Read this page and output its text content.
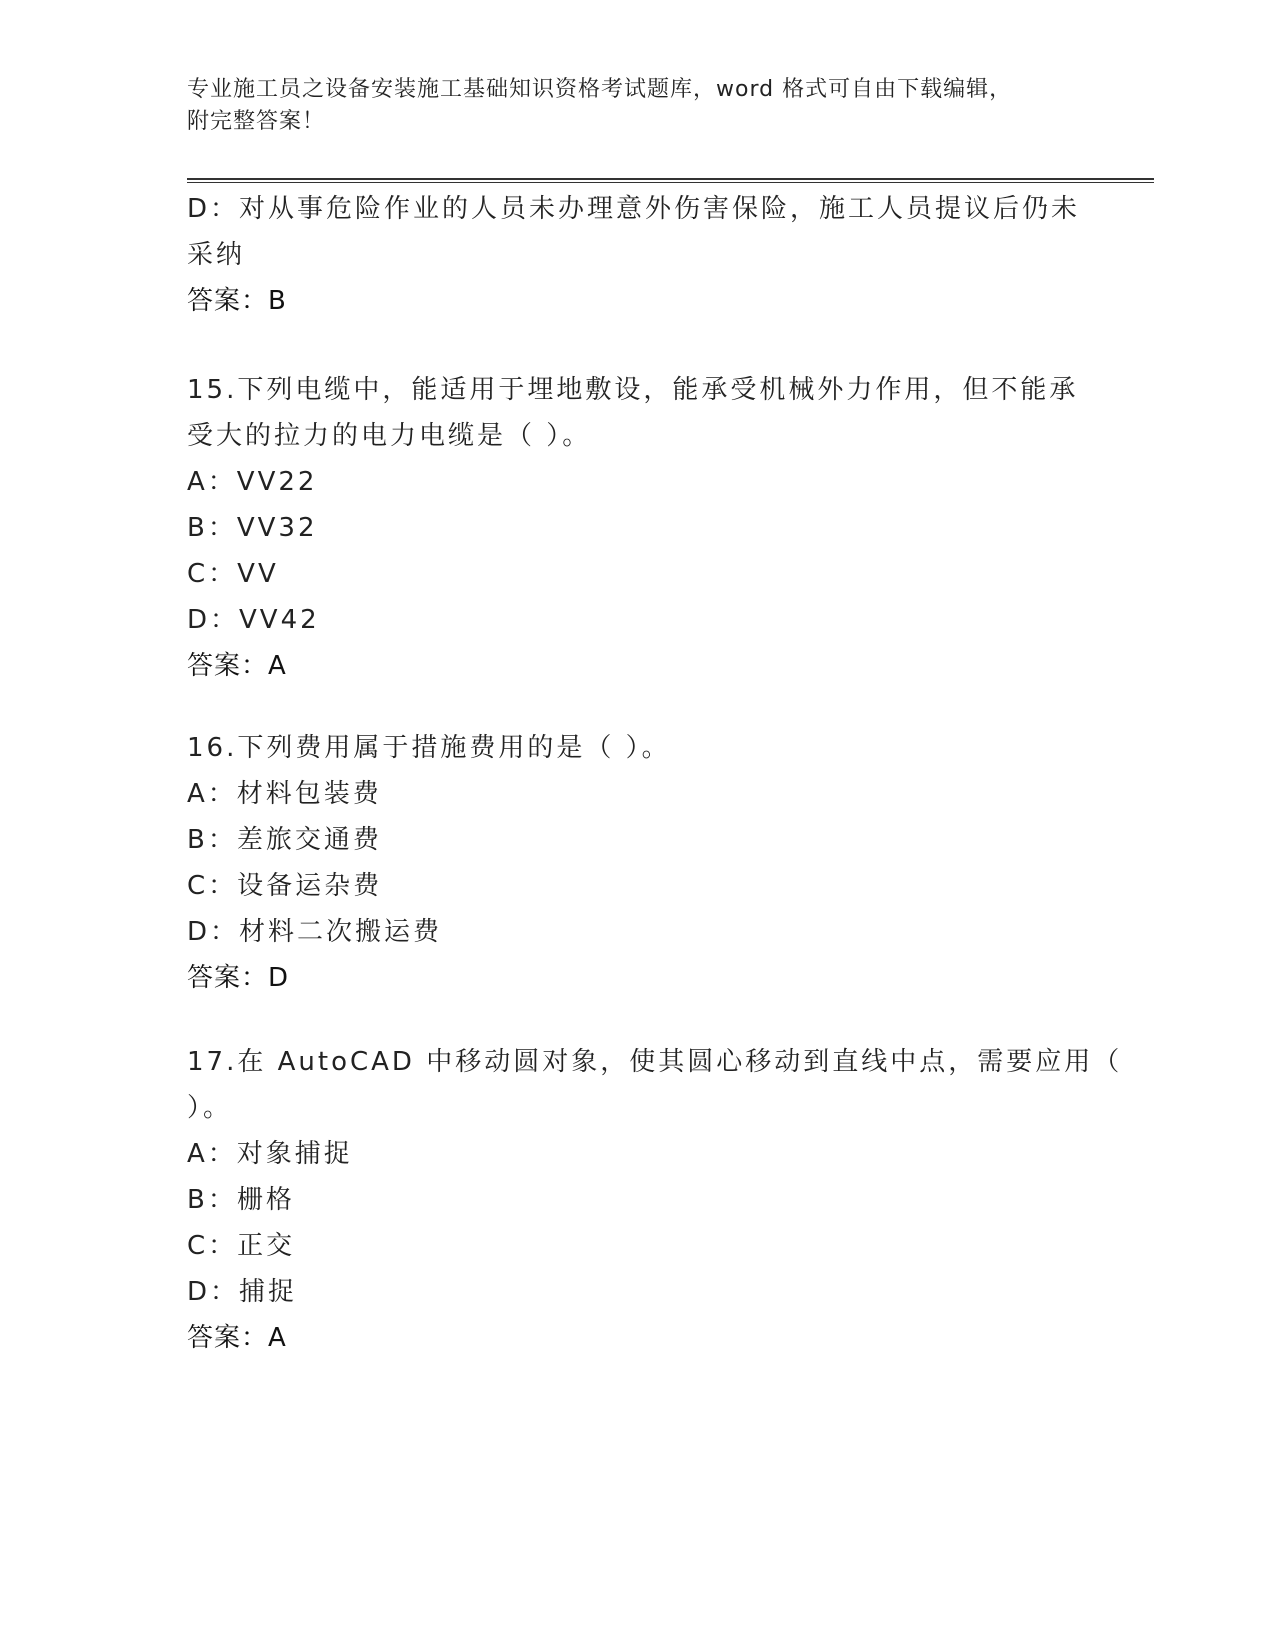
专业施工员之设备安装施工基础知识资格考试题库，word 格式可自由下载编辑，
附完整答案！
D：对从事危险作业的人员未办理意外伤害保险，施工人员提议后仍未
采纳
答案：B
15.下列电缆中，能适用于埋地敷设，能承受机械外力作用，但不能承
受大的拉力的电力电缆是（ ）。
A：VV22
B：VV32
C：VV
D：VV42
答案：A
16.下列费用属于措施费用的是（ ）。
A：材料包装费
B：差旅交通费
C：设备运杂费
D：材料二次搬运费
答案：D
17.在 AutoCAD 中移动圆对象，使其圆心移动到直线中点，需要应用（
）。
A：对象捕捉
B：栅格
C：正交
D：捕捉
答案：A
